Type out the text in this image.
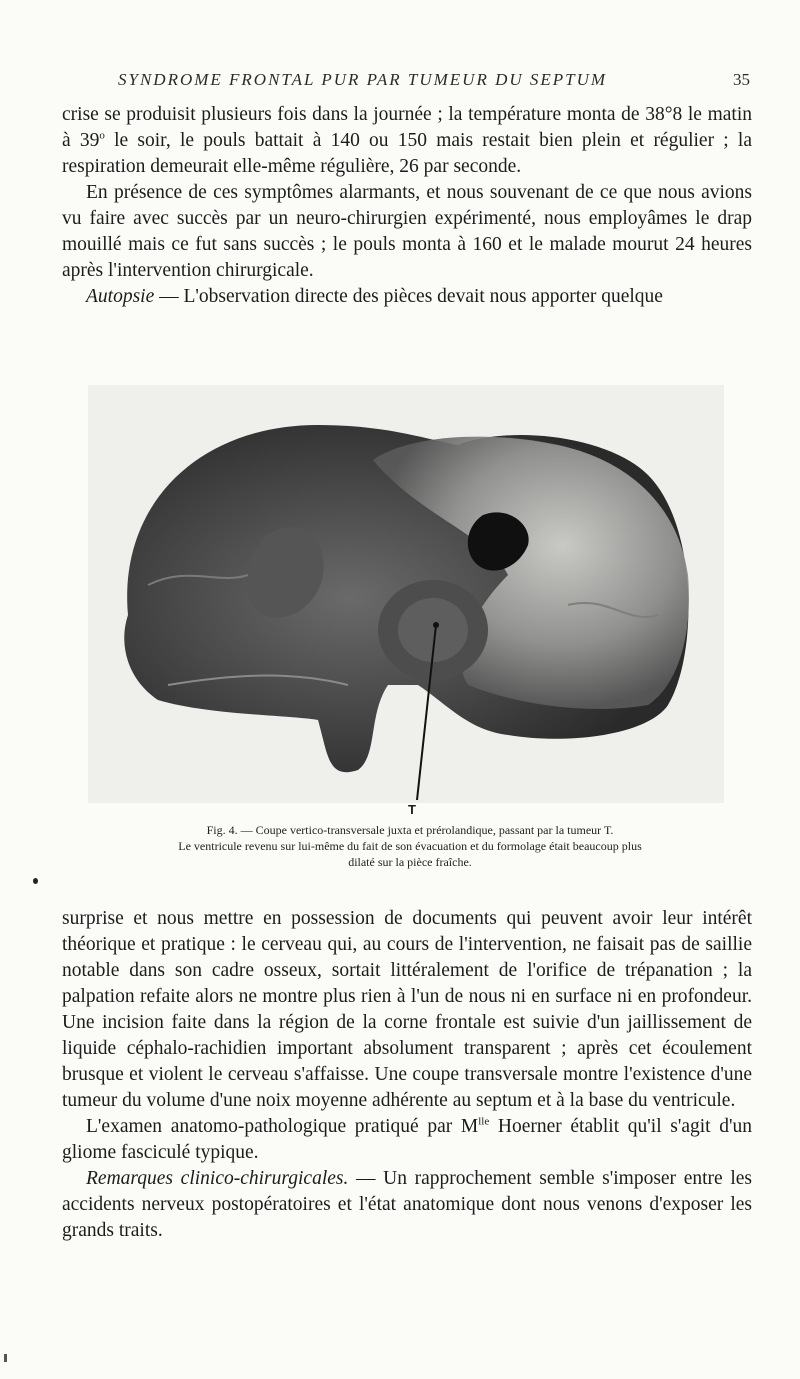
SYNDROME FRONTAL PUR PAR TUMEUR DU SEPTUM	35

crise se produisit plusieurs fois dans la journée ; la température monta de 38°8 le matin à 39$^o$ le soir, le pouls battait à 140 ou 150 mais restait bien plein et régulier ; la respiration demeurait elle-même régulière, 26 par seconde.

En présence de ces symptômes alarmants, et nous souvenant de ce que nous avions vu faire avec succès par un neuro-chirurgien expérimenté, nous employâmes le drap mouillé mais ce fut sans succès ; le pouls monta à 160 et le malade mourut 24 heures après l'intervention chirurgicale.

Autopsie — L'observation directe des pièces devait nous apporter quelque

T
Fig. 4. — Coupe vertico-transversale juxta et prérolandique, passant par la tumeur T.
Le ventricule revenu sur lui-même du fait de son évacuation et du formolage était beaucoup plus
dilaté sur la pièce fraîche.

surprise et nous mettre en possession de documents qui peuvent avoir leur intérêt théorique et pratique : le cerveau qui, au cours de l'intervention, ne faisait pas de saillie notable dans son cadre osseux, sortait littéralement de l'orifice de trépanation ; la palpation refaite alors ne montre plus rien à l'un de nous ni en surface ni en profondeur. Une incision faite dans la région de la corne frontale est suivie d'un jaillissement de liquide céphalo-rachidien important absolument transparent ; après cet écoulement brusque et violent le cerveau s'affaisse. Une coupe transversale montre l'existence d'une tumeur du volume d'une noix moyenne adhérente au septum et à la base du ventricule.

L'examen anatomo-pathologique pratiqué par $M^{lle}$ Hoerner établit qu'il s'agit d'un gliome fasciculé typique.

Remarques clinico-chirurgicales. — Un rapprochement semble s'imposer entre les accidents nerveux postopératoires et l'état anatomique dont nous venons d'exposer les grands traits.
